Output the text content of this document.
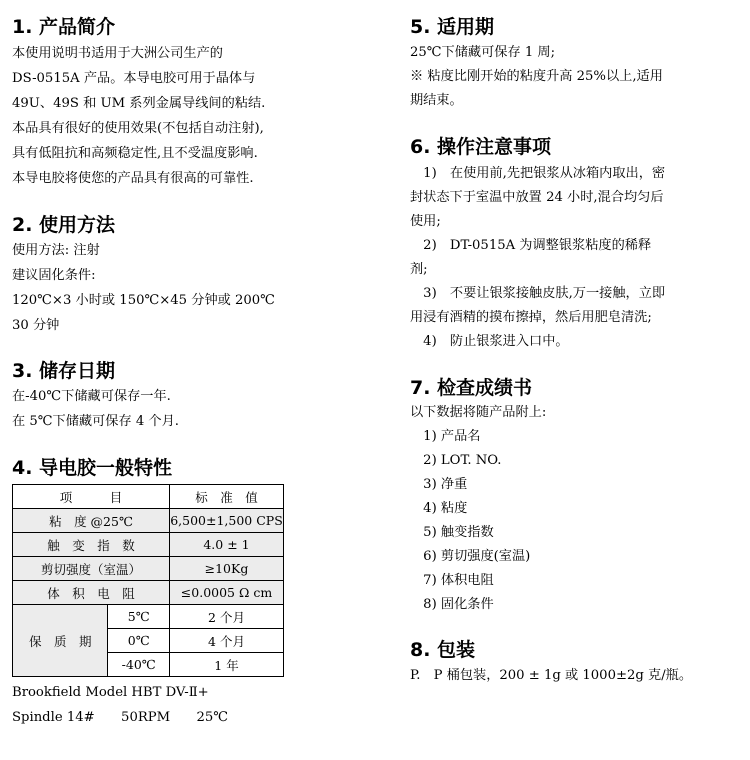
1. 产品简介
本使用说明书适用于大洲公司生产的
DS-0515A 产品。本导电胶可用于晶体与
49U、49S 和 UM 系列金属导线间的粘结.
本品具有很好的使用效果(不包括自动注射),
具有低阻抗和高频稳定性,且不受温度影响.
本导电胶将使您的产品具有很高的可靠性.
2. 使用方法
使用方法: 注射
建议固化条件:
120℃×3 小时或 150℃×45 分钟或 200℃
30 分钟
3. 储存日期
在-40℃下储藏可保存一年.
在 5℃下储藏可保存 4 个月.
4. 导电胶一般特性
项　　　目		标　准　值
粘　度 @25℃		6,500±1,500 CPS
触　变　指　数		4.0 ± 1
剪切强度（室温）		≥10Kg
体　积　电　阻		≤0.0005 Ω cm
保　质　期	5℃	2 个月
	0℃	4 个月
	-40℃	1 年
Brookfield Model HBT DV-Ⅱ+
Spindle 14#　　50RPM　　25℃
5. 适用期
25℃下储藏可保存 1 周;
※ 粘度比刚开始的粘度升高 25%以上,适用
期结束。
6. 操作注意事项
　1)　在使用前,先把银浆从冰箱内取出，密
封状态下于室温中放置 24 小时,混合均匀后
使用;
　2)　DT-0515A 为调整银浆粘度的稀释
剂;
　3)　不要让银浆接触皮肤,万一接触，立即
用浸有酒精的摸布擦掉，然后用肥皂清洗;
　4)　防止银浆进入口中。
7. 检查成绩书
以下数据将随产品附上:
　1) 产品名
　2) LOT. NO.
　3) 净重
　4) 粘度
　5) 触变指数
　6) 剪切强度(室温)
　7) 体积电阻
　8) 固化条件
8. 包装
P.　P 桶包装，200 ± 1g 或 1000±2g 克/瓶。
